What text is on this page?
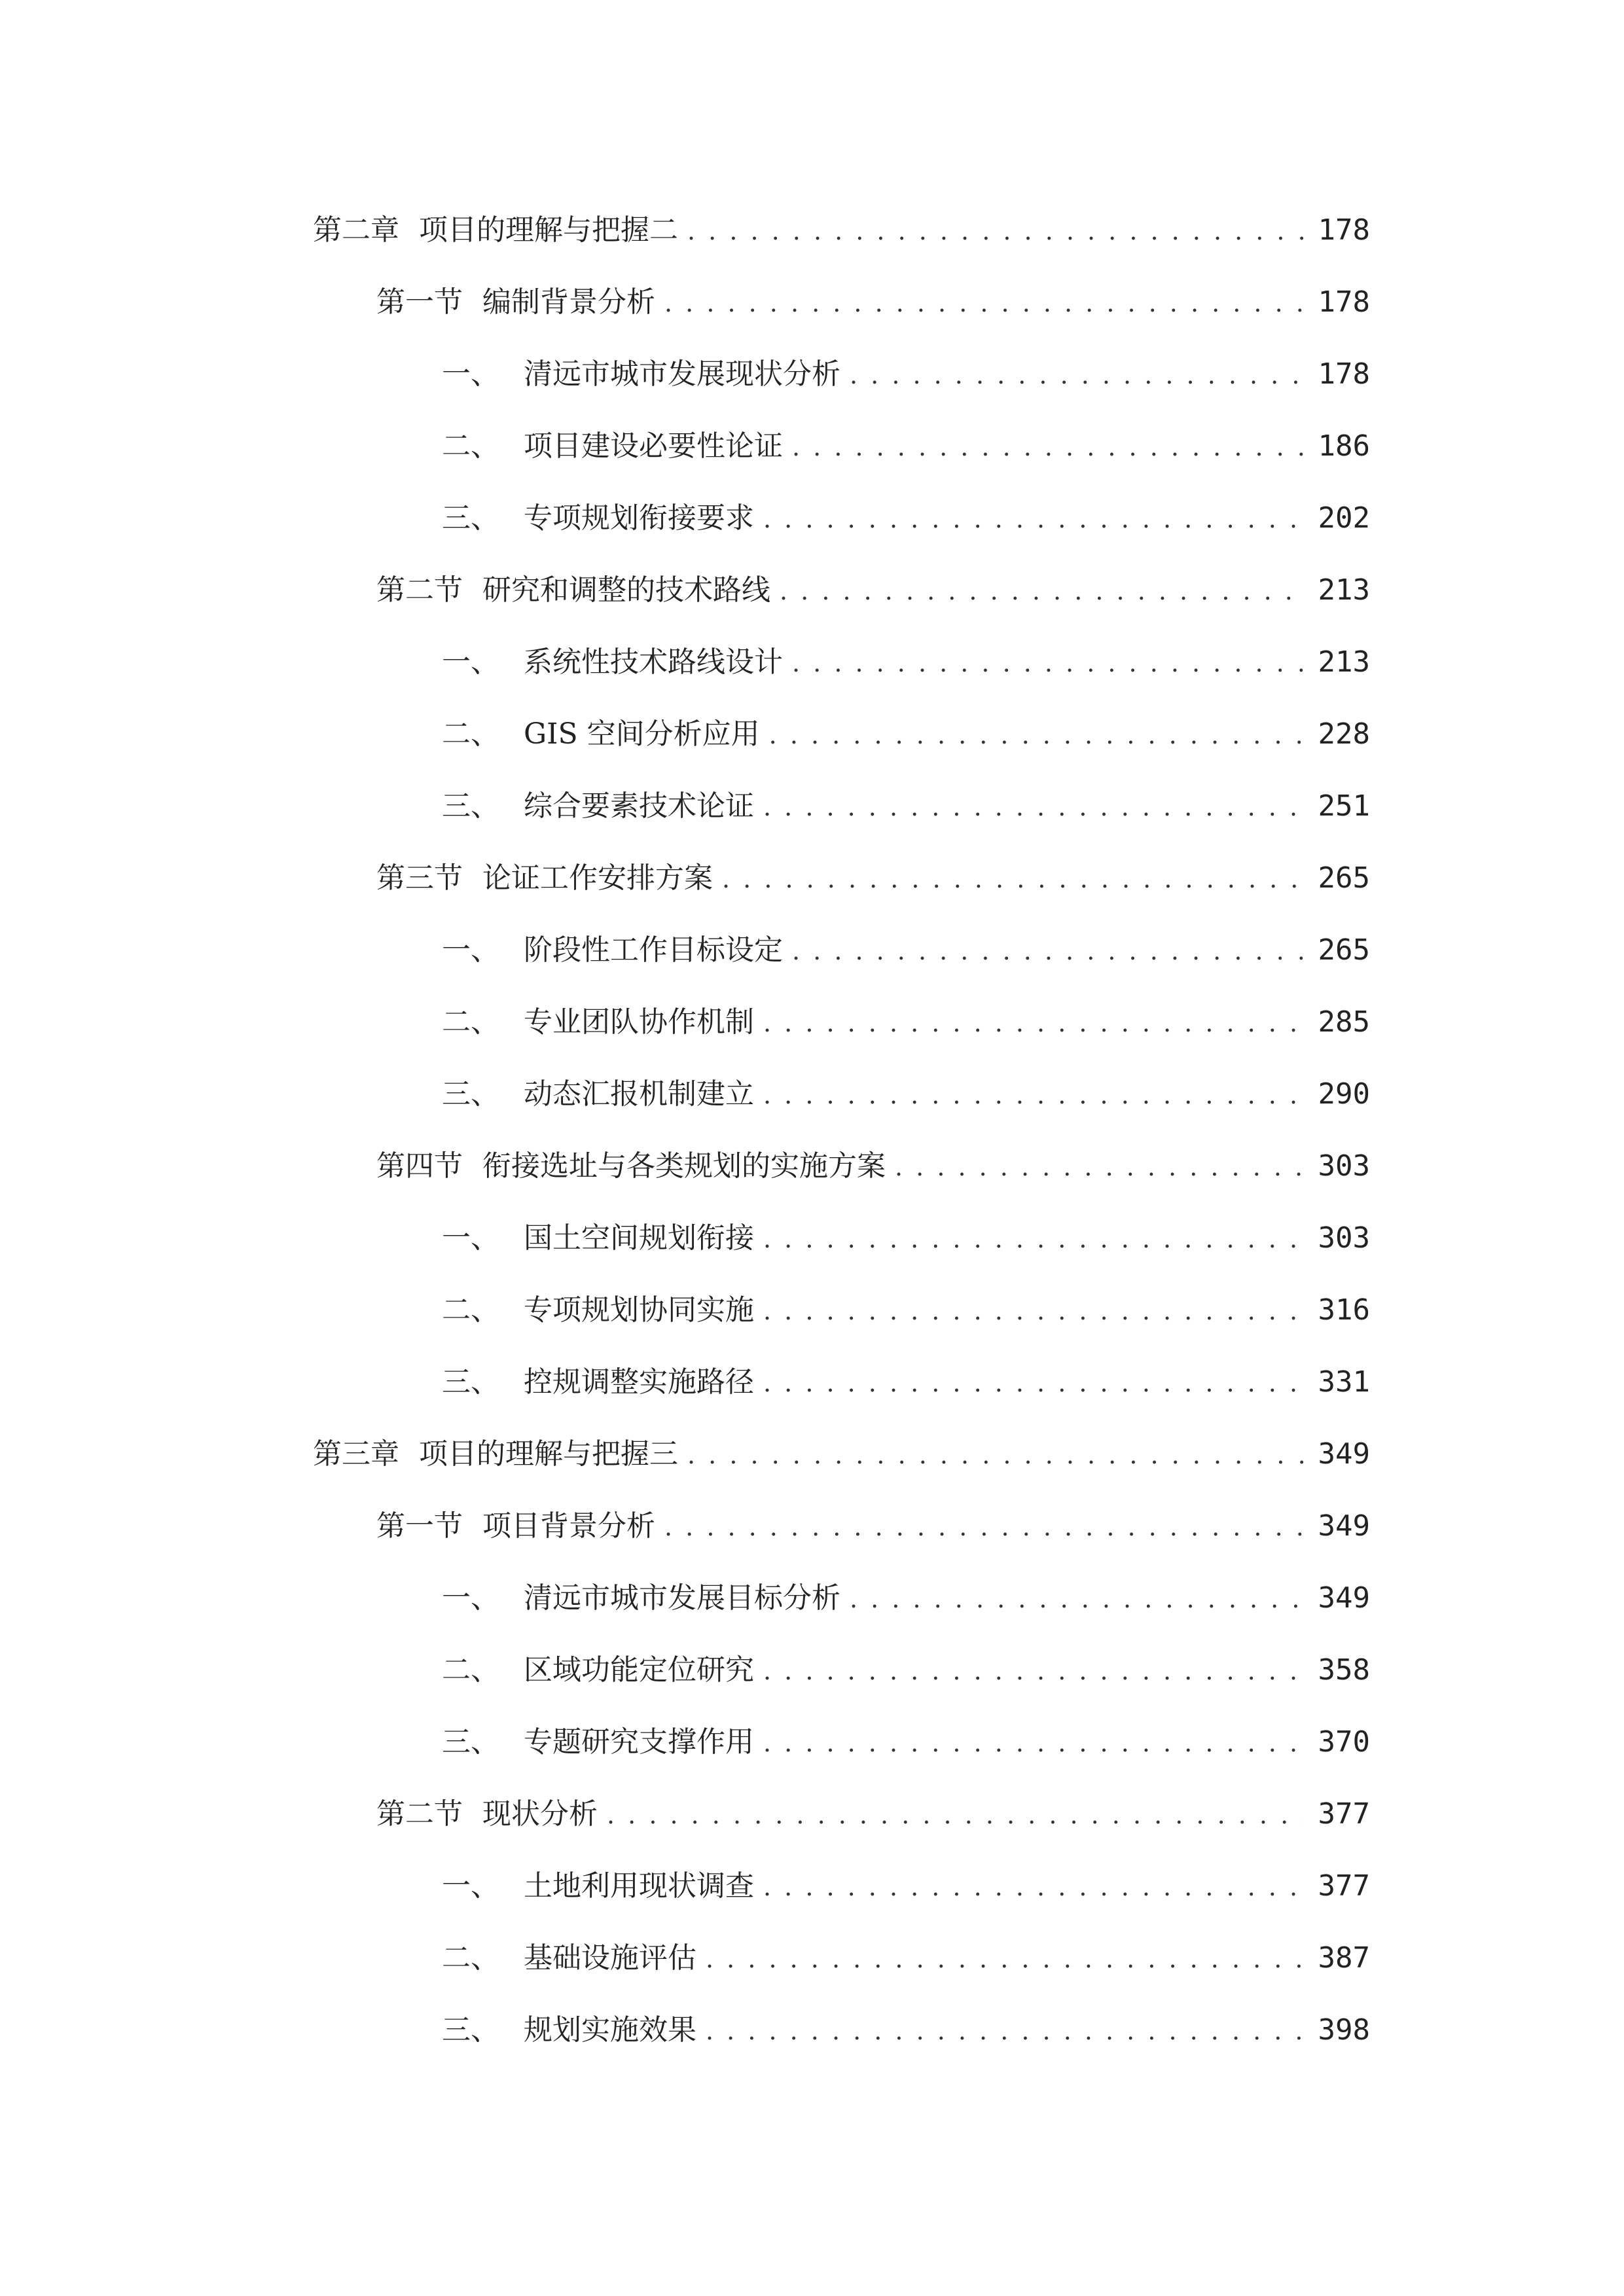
第二章 项目的理解与把握二 . . .	178
第一节 编制背景分析 . . .	178
一、 清远市城市发展现状分析 . . .	178
二、 项目建设必要性论证 . . .	186
三、 专项规划衔接要求 . . .	202
第二节 研究和调整的技术路线 . . .	213
一、 系统性技术路线设计 . . .	213
二、 GIS 空间分析应用 . . .	228
三、 综合要素技术论证 . . .	251
第三节 论证工作安排方案 . . .	265
一、 阶段性工作目标设定 . . .	265
二、 专业团队协作机制 . . .	285
三、 动态汇报机制建立 . . .	290
第四节 衔接选址与各类规划的实施方案 . . .	303
一、 国土空间规划衔接 . . .	303
二、 专项规划协同实施 . . .	316
三、 控规调整实施路径 . . .	331
第三章 项目的理解与把握三 . . .	349
第一节 项目背景分析 . . .	349
一、 清远市城市发展目标分析 . . .	349
二、 区域功能定位研究 . . .	358
三、 专题研究支撑作用 . . .	370
第二节 现状分析 . . .	377
一、 土地利用现状调查 . . .	377
二、 基础设施评估 . . .	387
三、 规划实施效果 . . .	398
